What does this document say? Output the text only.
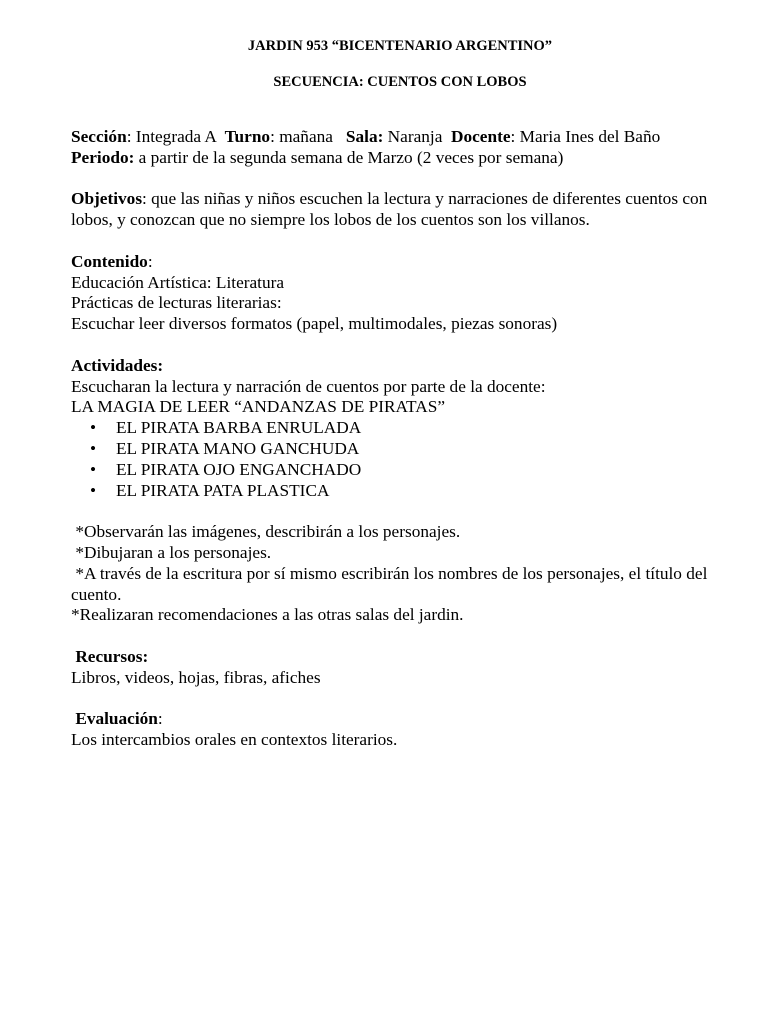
JARDIN 953 “BICENTENARIO ARGENTINO”
SECUENCIA: CUENTOS CON LOBOS
Sección: Integrada A  Turno: mañana   Sala: Naranja  Docente: Maria Ines del Baño
Periodo: a partir de la segunda semana de Marzo (2 veces por semana)
Objetivos: que las niñas y niños escuchen la lectura y narraciones de diferentes cuentos con lobos, y conozcan que no siempre los lobos de los cuentos son los villanos.
Contenido:
Educación Artística: Literatura
Prácticas de lecturas literarias:
Escuchar leer diversos formatos (papel, multimodales, piezas sonoras)
Actividades:
Escucharan la lectura y narración de cuentos por parte de la docente:
LA MAGIA DE LEER “ANDANZAS DE PIRATAS”
• EL PIRATA BARBA ENRULADA
• EL PIRATA MANO GANCHUDA
• EL PIRATA OJO ENGANCHADO
• EL PIRATA PATA PLASTICA
*Observarán las imágenes, describirán a los personajes.
*Dibujaran a los personajes.
*A través de la escritura por sí mismo escribirán los nombres de los personajes, el título del cuento.
*Realizaran recomendaciones a las otras salas del jardin.
Recursos:
Libros, videos, hojas, fibras, afiches
Evaluación:
Los intercambios orales en contextos literarios.
